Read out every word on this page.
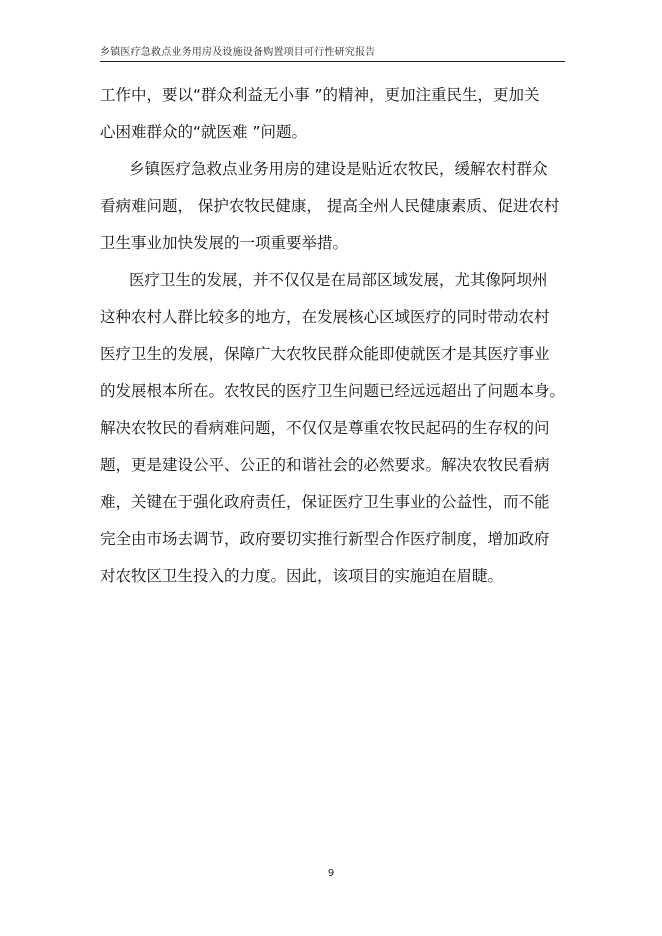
乡镇医疗急救点业务用房及设施设备购置项目可行性研究报告
工作中，要以“群众利益无小事 ”的精神，更加注重民生，更加关
心困难群众的“就医难 ”问题。
乡镇医疗急救点业务用房的建设是贴近农牧民，缓解农村群众
看病难问题， 保护农牧民健康， 提高全州人民健康素质、促进农村
卫生事业加快发展的一项重要举措。
医疗卫生的发展，并不仅仅是在局部区域发展，尤其像阿坝州
这种农村人群比较多的地方，在发展核心区域医疗的同时带动农村
医疗卫生的发展，保障广大农牧民群众能即使就医才是其医疗事业
的发展根本所在。农牧民的医疗卫生问题已经远远超出了问题本身。
解决农牧民的看病难问题，不仅仅是尊重农牧民起码的生存权的问
题，更是建设公平、公正的和谐社会的必然要求。解决农牧民看病
难，关键在于强化政府责任，保证医疗卫生事业的公益性，而不能
完全由市场去调节，政府要切实推行新型合作医疗制度，增加政府
对农牧区卫生投入的力度。因此，该项目的实施迫在眉睫。
9
